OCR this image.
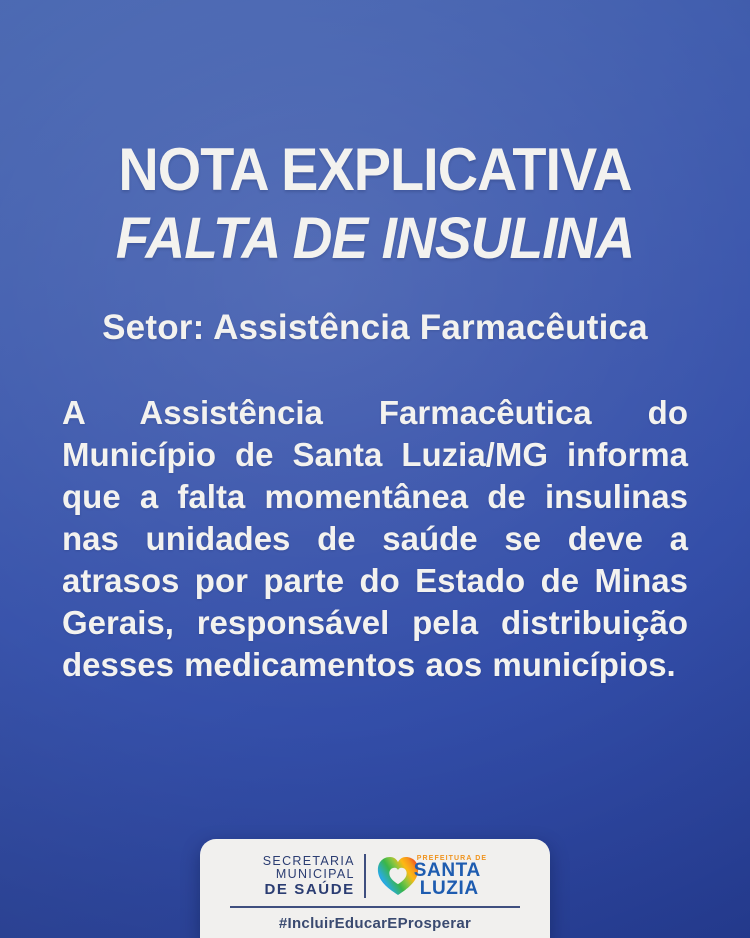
NOTA EXPLICATIVA
FALTA DE INSULINA
Setor: Assistência Farmacêutica

A Assistência Farmacêutica do Município de Santa Luzia/MG informa que a falta momentânea de insulinas nas unidades de saúde se deve a atrasos por parte do Estado de Minas Gerais, responsável pela distribuição desses medicamentos aos municípios.

SECRETARIA
MUNICIPAL
DE SAÚDE
PREFEITURA DE
SANTA
LUZIA
#IncluirEducarEProsperar
